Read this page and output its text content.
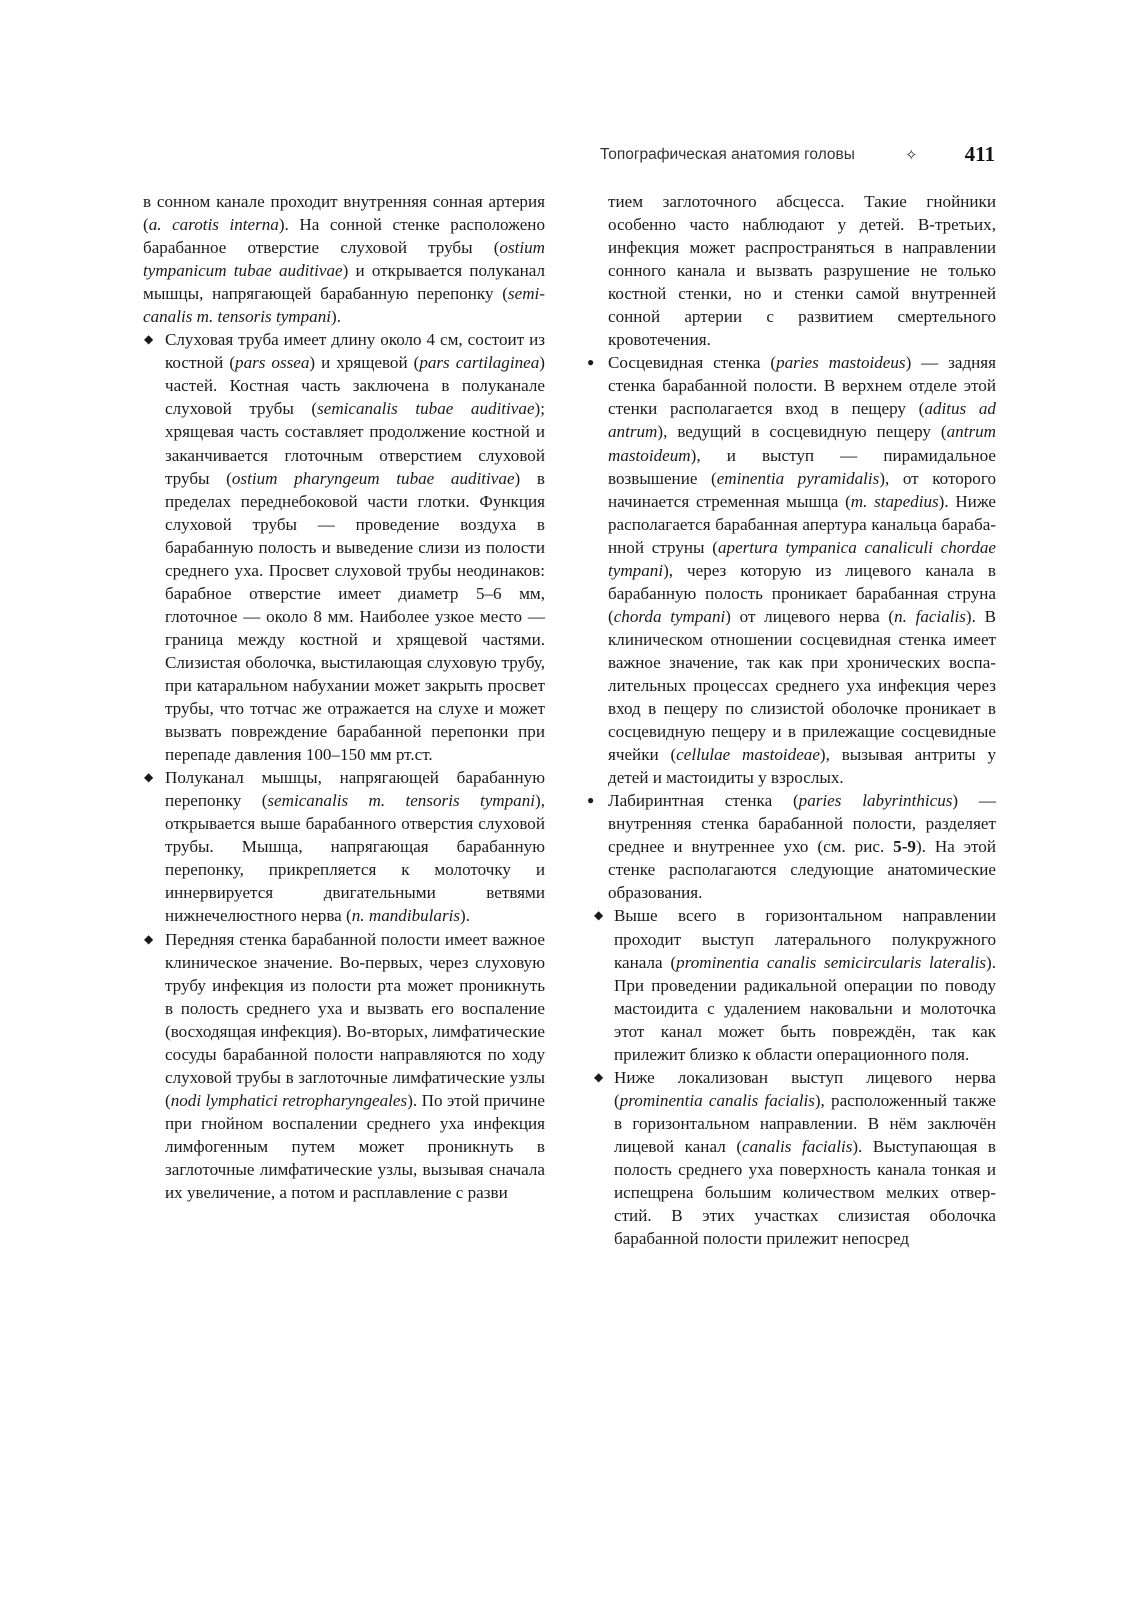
Топографическая анатомия головы	✧ 411

в сонном канале проходит внутренняя сонная артерия (a. carotis interna). На сонной стенке расположено барабанное отверстие слуховой трубы (ostium tympanicum tubae auditivae) и открывается полуканал мышцы, напрягающей барабанную перепонку (semicanalis m. tensoris tympani).

◆ Слуховая труба имеет длину около 4 см, состоит из костной (pars ossea) и хрящевой (pars cartilaginea) частей. Костная часть заключена в полуканале слуховой трубы (semicanalis tubae auditivae); хрящевая часть составляет продолжение костной и заканчивается глоточным отверстием слуховой трубы (ostium pharyngeum tubae auditivae) в пределах переднебоковой части глотки. Функция слуховой трубы — проведение воздуха в барабанную полость и выведение слизи из полости среднего уха. Просвет слуховой трубы неодинаков: барабное отверстие имеет диаметр 5–6 мм, глоточное — около 8 мм. Наиболее узкое место — граница между костной и хрящевой частями. Слизистая оболочка, выстилающая слуховую трубу, при катаральном набухании может закрыть просвет трубы, что тотчас же отражается на слухе и может вызвать повреждение барабанной перепонки при перепаде давления 100–150 мм рт.ст.
◆ Полуканал мышцы, напрягающей барабанную перепонку (semicanalis m. tensoris tympani), открывается выше барабанного отверстия слуховой трубы. Мышца, напрягающая барабанную перепонку, прикрепляется к молоточку и иннервируется двигательными ветвями нижнечелюстного нерва (n. mandibularis).
◆ Передняя стенка барабанной полости имеет важное клиническое значение. Во-первых, через слуховую трубу инфекция из полости рта может проникнуть в полость среднего уха и вызвать его воспаление (восходящая инфекция). Во-вторых, лимфатические сосуды барабанной полости направляются по ходу слуховой трубы в заглоточные лимфатические узлы (nodi lymphatici retropharyngeales). По этой причине при гнойном воспалении среднего уха инфекция лимфогенным путем может проникнуть в заглоточные лимфатические узлы, вызывая сначала их увеличение, а потом и расплавление с разви

тием заглоточного абсцесса. Такие гнойники особенно часто наблюдают у детей. В-третьих, инфекция может распространяться в направлении сонного канала и вызвать разрушение не только костной стенки, но и стенки самой внутренней сонной артерии с развитием смертельного кровотечения.

● Сосцевидная стенка (paries mastoideus) — задняя стенка барабанной полости. В верхнем отделе этой стенки располагается вход в пещеру (aditus ad antrum), ведущий в сосцевидную пещеру (antrum mastoideum), и выступ — пирамидальное возвышение (eminentia pyramidalis), от которого начинается стременная мышца (m. stapedius). Ниже располагается барабанная апертура канальца барабанной струны (apertura tympanica canaliculi chordae tympani), через которую из лицевого канала в барабанную полость проникает барабанная струна (chorda tympani) от лицевого нерва (n. facialis). В клиническом отношении сосцевидная стенка имеет важное значение, так как при хронических воспалительных процессах среднего уха инфекция через вход в пещеру по слизистой оболочке проникает в сосцевидную пещеру и в прилежащие сосцевидные ячейки (cellulae mastoideae), вызывая антриты у детей и мастоидиты у взрослых.
● Лабиринтная стенка (paries labyrinthicus) — внутренняя стенка барабанной полости, разделяет среднее и внутреннее ухо (см. рис. 5-9). На этой стенке располагаются следующие анатомические образования.
◆ Выше всего в горизонтальном направлении проходит выступ латерального полукружного канала (prominentia canalis semicircularis lateralis). При проведении радикальной операции по поводу мастоидита с удалением наковальни и молоточка этот канал может быть повреждён, так как прилежит близко к области операционного поля.
◆ Ниже локализован выступ лицевого нерва (prominentia canalis facialis), расположенный также в горизонтальном направлении. В нём заключён лицевой канал (canalis facialis). Выступающая в полость среднего уха поверхность канала тонкая и испещрена большим количеством мелких отверстий. В этих участках слизистая оболочка барабанной полости прилежит непосред
